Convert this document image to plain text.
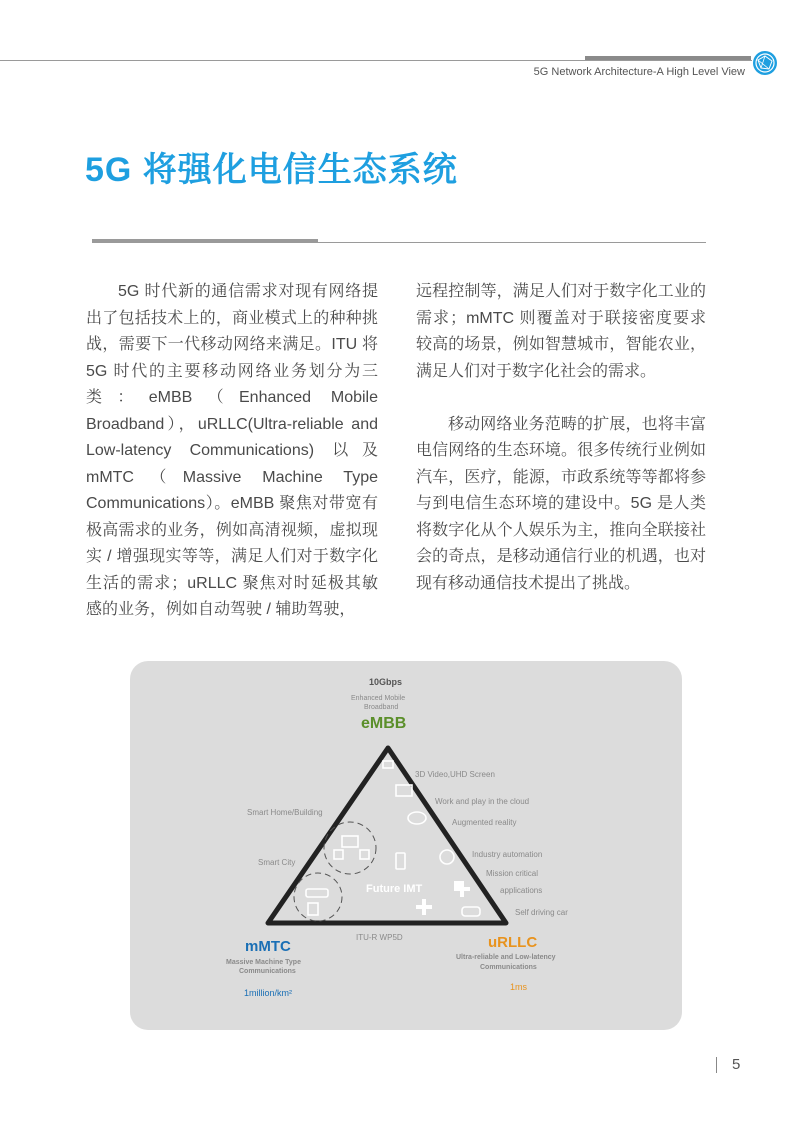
5G Network Architecture-A High Level View
5G 将强化电信生态系统

5G 时代新的通信需求对现有网络提出了包括技术上的，商业模式上的种种挑战，需要下一代移动网络来满足。ITU 将 5G 时代的主要移动网络业务划分为三类：eMBB（Enhanced Mobile Broadband），uRLLC(Ultra-reliable and Low-latency Communications) 以及 mMTC（Massive Machine Type Communications）。eMBB 聚焦对带宽有极高需求的业务，例如高清视频，虚拟现实 / 增强现实等等，满足人们对于数字化生活的需求；uRLLC 聚焦对时延极其敏感的业务，例如自动驾驶 / 辅助驾驶，

远程控制等，满足人们对于数字化工业的需求；mMTC 则覆盖对于联接密度要求较高的场景，例如智慧城市，智能农业，满足人们对于数字化社会的需求。

移动网络业务范畴的扩展，也将丰富电信网络的生态环境。很多传统行业例如汽车，医疗，能源，市政系统等等都将参与到电信生态环境的建设中。5G 是人类将数字化从个人娱乐为主，推向全联接社会的奇点，是移动通信行业的机遇，也对现有移动通信技术提出了挑战。

10Gbps
Enhanced Mobile
Broadband
eMBB
3D Video,UHD Screen
Work and play in the cloud
Augmented reality
Industry automation
Mission critical
applications
Self driving car
Smart Home/Building
Smart City
Future IMT
ITU-R WP5D
mMTC
Massive Machine Type
Communications
1million/km²
uRLLC
Ultra-reliable and Low-latency
Communications
1ms
5
